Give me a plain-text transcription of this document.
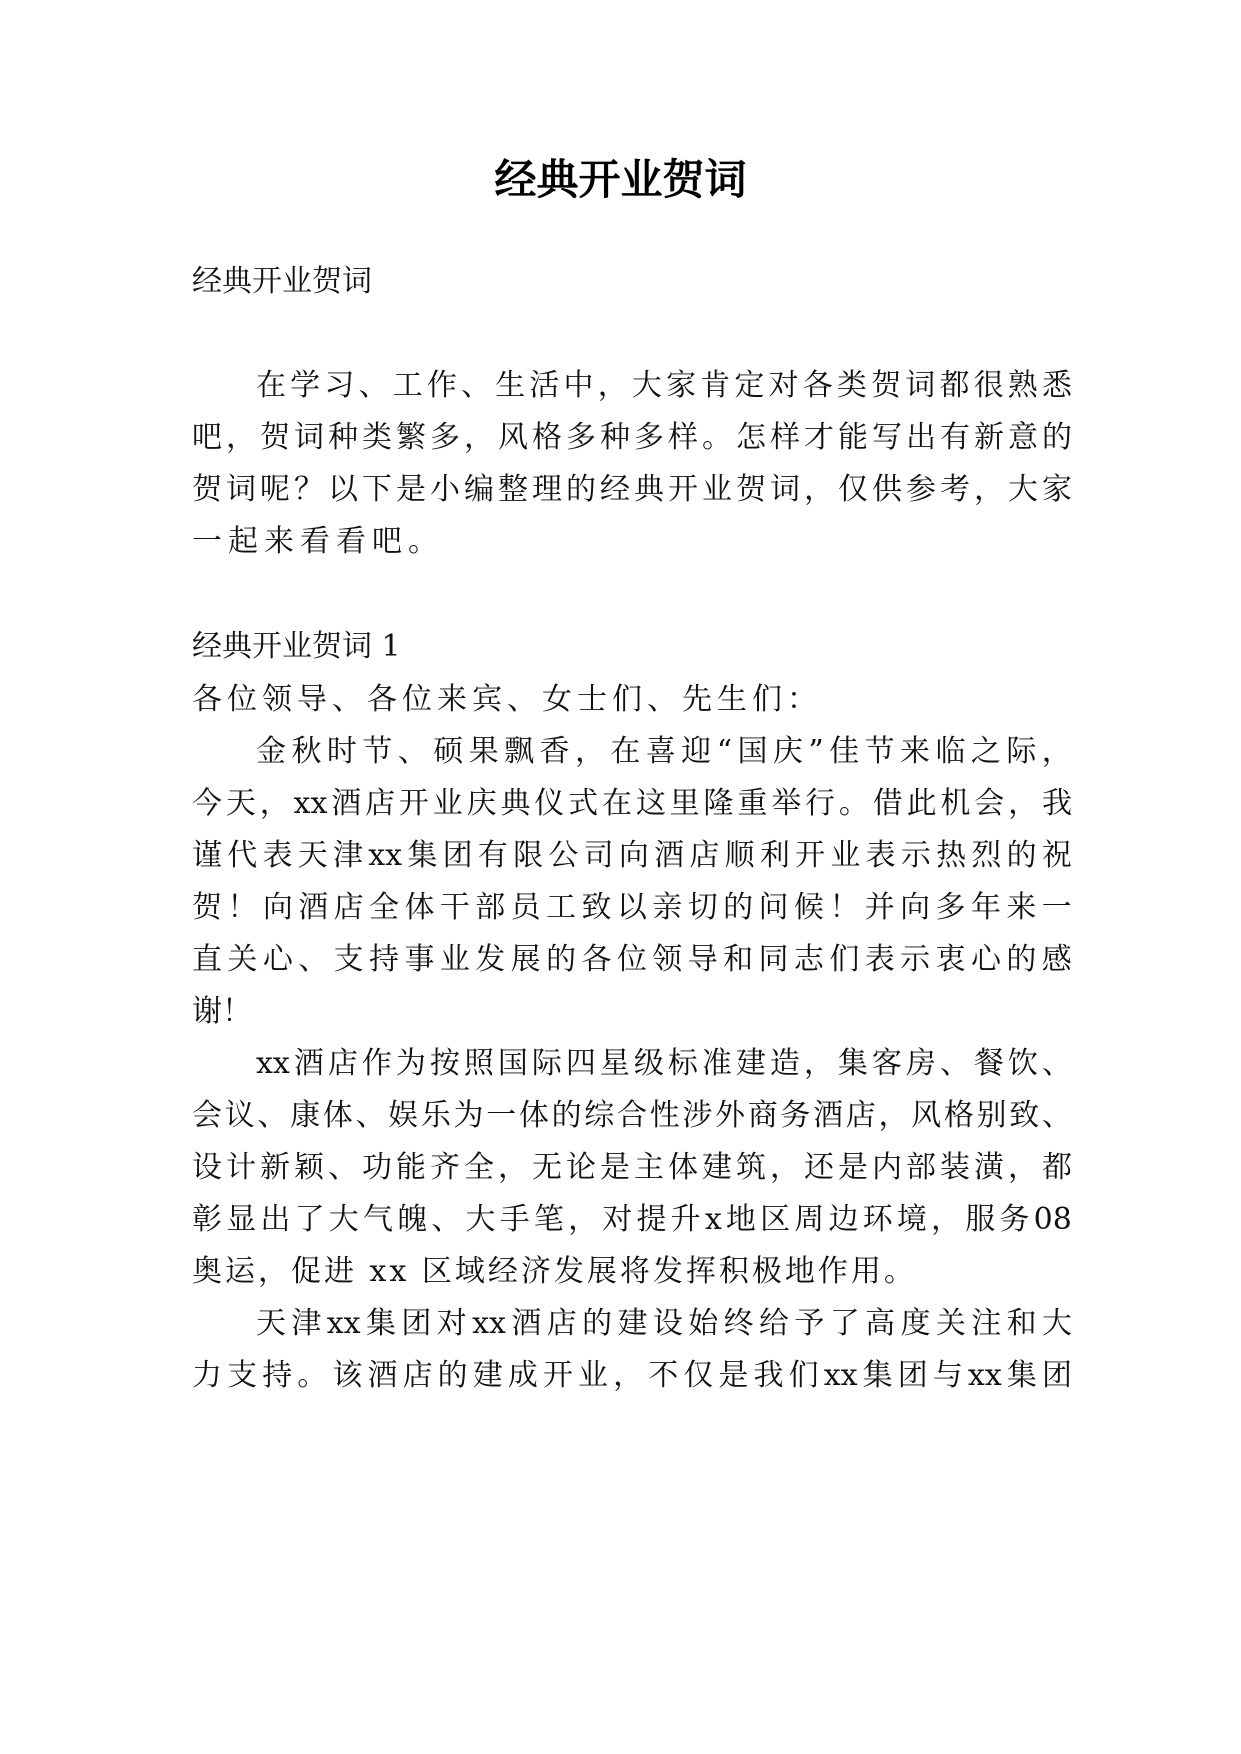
经典开业贺词

经典开业贺词

在 学 习 、 工 作 、 生 活 中 ， 大 家 肯 定 对 各 类 贺 词 都 很 熟 悉

吧 ， 贺 词 种 类 繁 多 ， 风 格 多 种 多 样 。 怎 样 才 能 写 出 有 新 意 的

贺 词 呢 ？ 以 下 是 小 编 整 理 的 经 典 开 业 贺 词 ， 仅 供 参 考 ， 大 家

一起来看看吧。

经典开业贺词 1

各位领导、各位来宾、女士们、先生们：

金 秋 时 节 、 硕 果 飘 香 ， 在 喜 迎 “ 国 庆 ” 佳 节 来 临 之 际 ，

今 天 ， xx 酒 店 开 业 庆 典 仪 式 在 这 里 隆 重 举 行 。 借 此 机 会 ， 我

谨 代 表 天 津 xx 集 团 有 限 公 司 向 酒 店 顺 利 开 业 表 示 热 烈 的 祝

贺 ！ 向 酒 店 全 体 干 部 员 工 致 以 亲 切 的 问 候 ！ 并 向 多 年 来 一

直 关 心 、 支 持 事 业 发 展 的 各 位 领 导 和 同 志 们 表 示 衷 心 的 感

谢！

xx 酒 店 作 为 按 照 国 际 四 星 级 标 准 建 造 ， 集 客 房 、 餐 饮 、

会 议 、 康 体 、 娱 乐 为 一 体 的 综 合 性 涉 外 商 务 酒 店 ， 风 格 别 致 、

设 计 新 颖 、 功 能 齐 全 ， 无 论 是 主 体 建 筑 ， 还 是 内 部 装 潢 ， 都

彰 显 出 了 大 气 魄 、 大 手 笔 ， 对 提 升 x 地 区 周 边 环 境 ， 服 务 08

奥运，促进 xx 区域经济发展将发挥积极地作用。

天 津 xx 集 团 对 xx 酒 店 的 建 设 始 终 给 予 了 高 度 关 注 和 大

力 支 持 。 该 酒 店 的 建 成 开 业 ， 不 仅 是 我 们 xx 集 团 与 xx 集 团
